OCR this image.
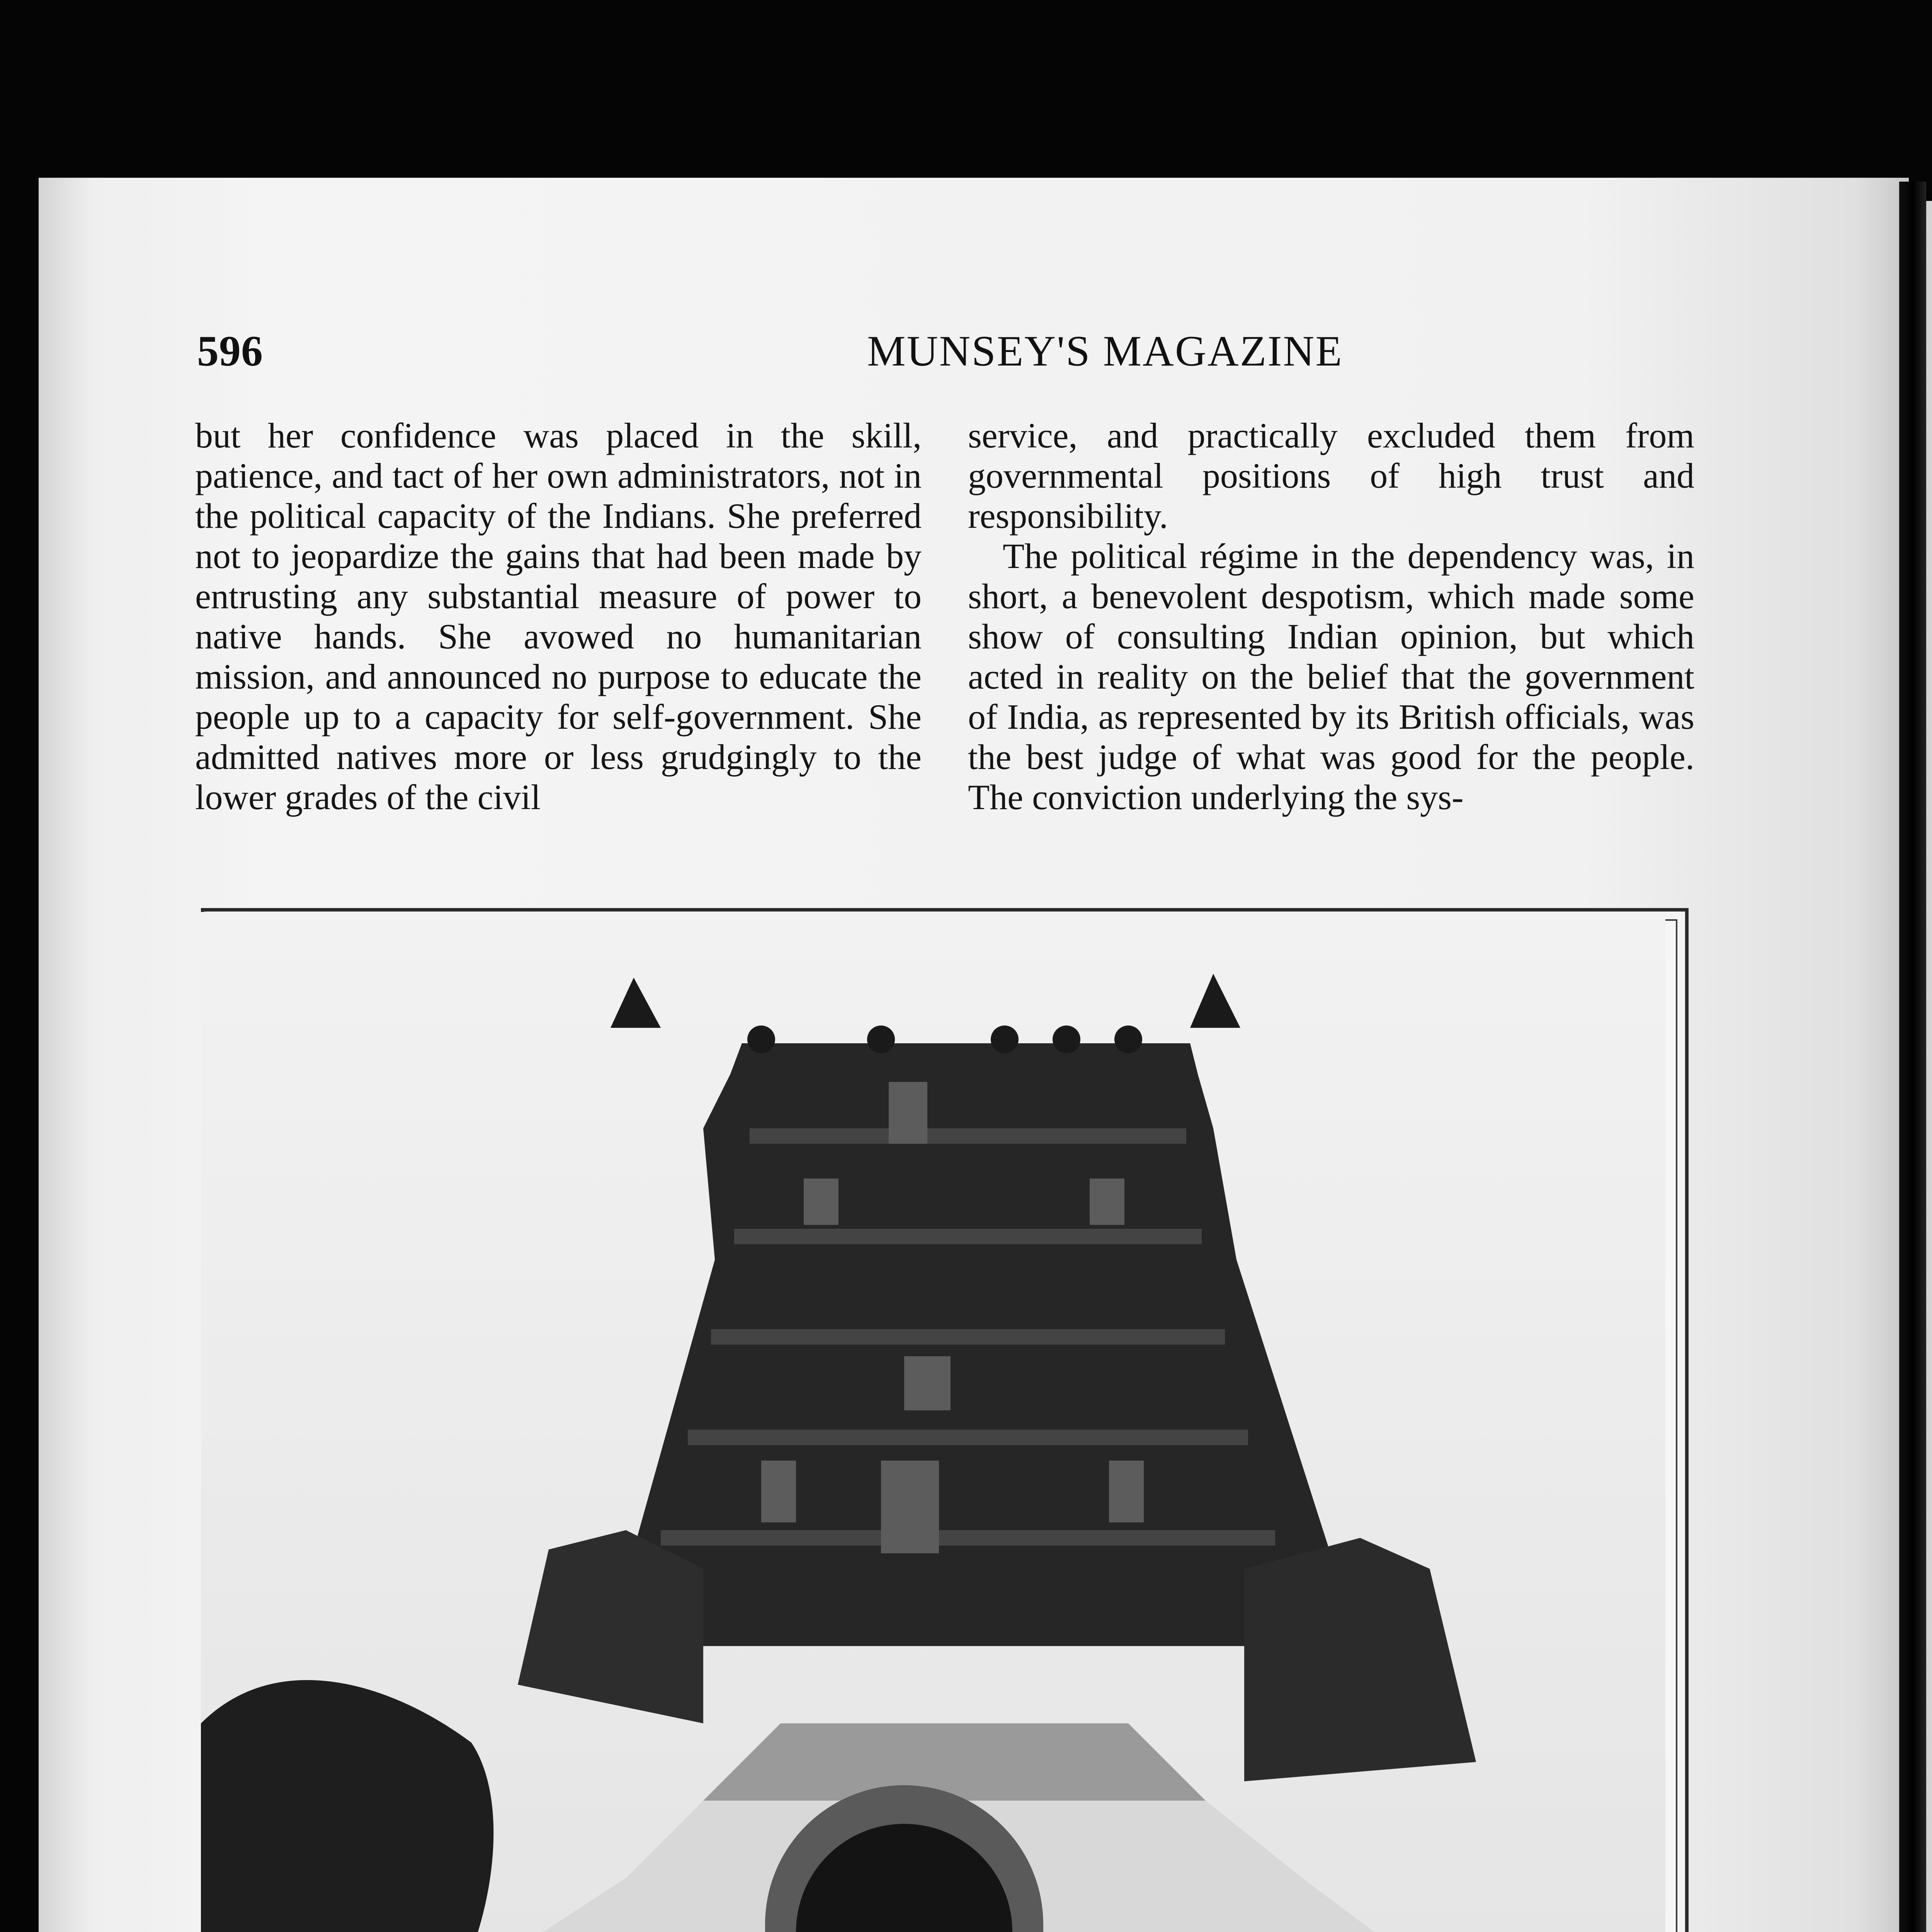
596	MUNSEY'S MAGAZINE

but her confidence was placed in the skill, patience, and tact of her own administrators, not in the political capacity of the Indians. She preferred not to jeopardize the gains that had been made by entrusting any substantial measure of power to native hands. She avowed no humanitarian mission, and announced no purpose to educate the people up to a capacity for self-government. She admitted natives more or less grudgingly to the lower grades of the civil

service, and practically excluded them from governmental positions of high trust and responsibility.

The political régime in the dependency was, in short, a benevolent despotism, which made some show of consulting Indian opinion, but which acted in reality on the belief that the government of India, as represented by its British officials, was the best judge of what was good for the people. The conviction underlying the sys-
